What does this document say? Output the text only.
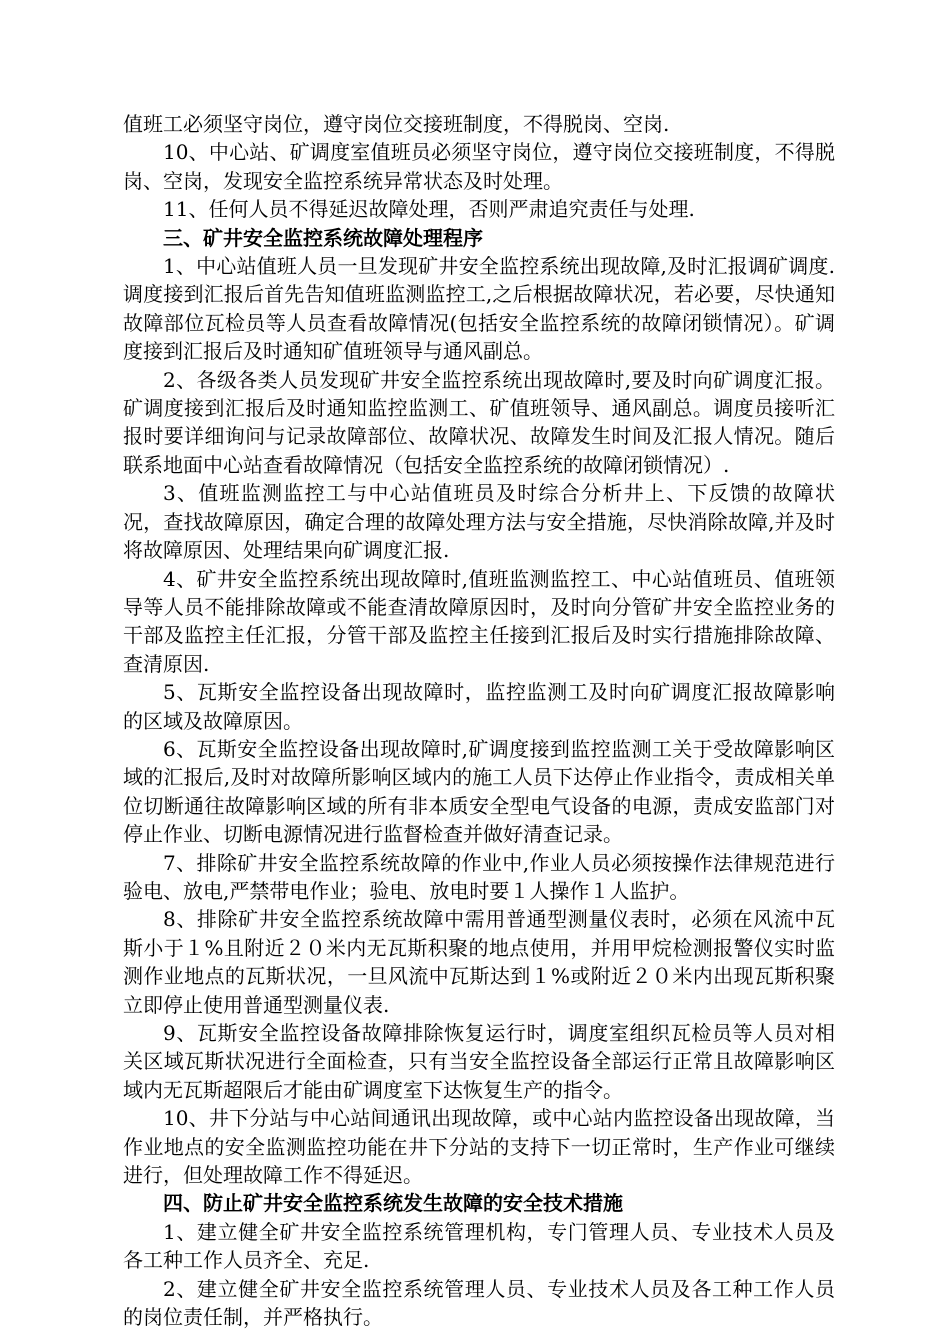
值班工必须坚守岗位，遵守岗位交接班制度，不得脱岗、空岗.

10、中心站、矿调度室值班员必须坚守岗位，遵守岗位交接班制度，不得脱岗、空岗，发现安全监控系统异常状态及时处理。

11、任何人员不得延迟故障处理，否则严肃追究责任与处理.

三、矿井安全监控系统故障处理程序

1、中心站值班人员一旦发现矿井安全监控系统出现故障,及时汇报调矿调度.调度接到汇报后首先告知值班监测监控工,之后根据故障状况，若必要，尽快通知故障部位瓦检员等人员查看故障情况(包括安全监控系统的故障闭锁情况）。矿调度接到汇报后及时通知矿值班领导与通风副总。

2、各级各类人员发现矿井安全监控系统出现故障时,要及时向矿调度汇报。矿调度接到汇报后及时通知监控监测工、矿值班领导、通风副总。调度员接听汇报时要详细询问与记录故障部位、故障状况、故障发生时间及汇报人情况。随后联系地面中心站查看故障情况（包括安全监控系统的故障闭锁情况）.

3、值班监测监控工与中心站值班员及时综合分析井上、下反馈的故障状况，查找故障原因，确定合理的故障处理方法与安全措施，尽快消除故障,并及时将故障原因、处理结果向矿调度汇报.

4、矿井安全监控系统出现故障时,值班监测监控工、中心站值班员、值班领导等人员不能排除故障或不能查清故障原因时，及时向分管矿井安全监控业务的干部及监控主任汇报，分管干部及监控主任接到汇报后及时实行措施排除故障、查清原因.

5、瓦斯安全监控设备出现故障时，监控监测工及时向矿调度汇报故障影响的区域及故障原因。

6、瓦斯安全监控设备出现故障时,矿调度接到监控监测工关于受故障影响区域的汇报后,及时对故障所影响区域内的施工人员下达停止作业指令，责成相关单位切断通往故障影响区域的所有非本质安全型电气设备的电源，责成安监部门对停止作业、切断电源情况进行监督检查并做好清查记录。

7、排除矿井安全监控系统故障的作业中,作业人员必须按操作法律规范进行验电、放电,严禁带电作业；验电、放电时要１人操作１人监护。

8、排除矿井安全监控系统故障中需用普通型测量仪表时，必须在风流中瓦斯小于１%且附近２０米内无瓦斯积聚的地点使用，并用甲烷检测报警仪实时监测作业地点的瓦斯状况，一旦风流中瓦斯达到１%或附近２０米内出现瓦斯积聚立即停止使用普通型测量仪表.

9、瓦斯安全监控设备故障排除恢复运行时，调度室组织瓦检员等人员对相关区域瓦斯状况进行全面检查，只有当安全监控设备全部运行正常且故障影响区域内无瓦斯超限后才能由矿调度室下达恢复生产的指令。

10、井下分站与中心站间通讯出现故障，或中心站内监控设备出现故障，当作业地点的安全监测监控功能在井下分站的支持下一切正常时，生产作业可继续进行，但处理故障工作不得延迟。

四、防止矿井安全监控系统发生故障的安全技术措施

1、建立健全矿井安全监控系统管理机构，专门管理人员、专业技术人员及各工种工作人员齐全、充足.

2、建立健全矿井安全监控系统管理人员、专业技术人员及各工种工作人员的岗位责任制，并严格执行。
